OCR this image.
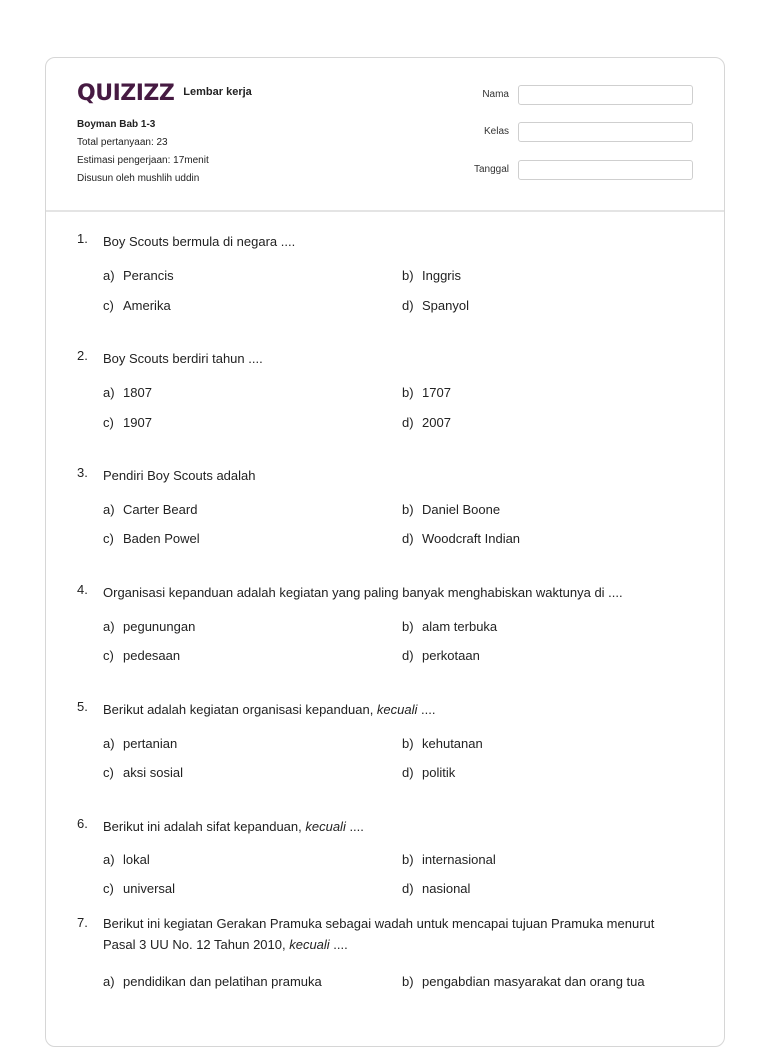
QUIZIZZ Lembar kerja
Boyman Bab 1-3
Total pertanyaan: 23
Estimasi pengerjaan: 17menit
Disusun oleh mushlih uddin
Nama
Kelas
Tanggal
1.	Boy Scouts bermula di negara ....
a) Perancis	b) Inggris
c) Amerika	d) Spanyol
2.	Boy Scouts berdiri tahun ....
a) 1807	b) 1707
c) 1907	d) 2007
3.	Pendiri Boy Scouts adalah
a) Carter Beard	b) Daniel Boone
c) Baden Powel	d) Woodcraft Indian
4.	Organisasi kepanduan adalah kegiatan yang paling banyak menghabiskan waktunya di ....
a) pegunungan	b) alam terbuka
c) pedesaan	d) perkotaan
5.	Berikut adalah kegiatan organisasi kepanduan, kecuali ....
a) pertanian	b) kehutanan
c) aksi sosial	d) politik
6.	Berikut ini adalah sifat kepanduan, kecuali ....
a) lokal	b) internasional
c) universal	d) nasional
7.	Berikut ini kegiatan Gerakan Pramuka sebagai wadah untuk mencapai tujuan Pramuka menurut Pasal 3 UU No. 12 Tahun 2010, kecuali ....
a) pendidikan dan pelatihan pramuka	b) pengabdian masyarakat dan orang tua
